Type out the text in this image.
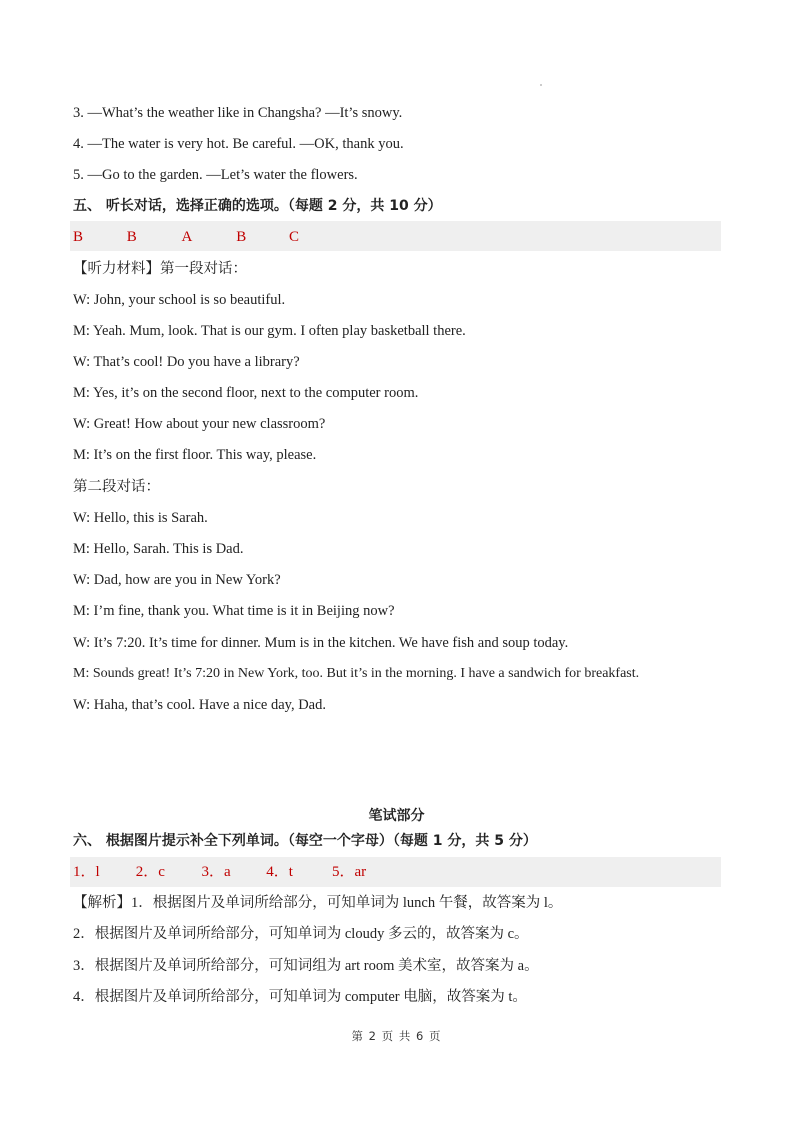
3. —What’s the weather like in Changsha? —It’s snowy.
4. —The water is very hot. Be careful. —OK, thank you.
5. —Go to the garden. —Let’s water the flowers.
五、 听长对话，选择正确的选项。（每题 2 分，共 10 分）
B	B	A	B	C
【听力材料】第一段对话：
W: John, your school is so beautiful.
M: Yeah. Mum, look. That is our gym. I often play basketball there.
W: That’s cool! Do you have a library?
M: Yes, it’s on the second floor, next to the computer room.
W: Great! How about your new classroom?
M: It’s on the first floor. This way, please.
第二段对话：
W: Hello, this is Sarah.
M: Hello, Sarah. This is Dad.
W: Dad, how are you in New York?
M: I’m fine, thank you. What time is it in Beijing now?
W: It’s 7:20. It’s time for dinner. Mum is in the kitchen. We have fish and soup today.
M: Sounds great! It’s 7:20 in New York, too. But it’s in the morning. I have a sandwich for breakfast.
W: Haha, that’s cool. Have a nice day, Dad.
笔试部分
六、 根据图片提示补全下列单词。（每空一个字母）（每题 1 分，共 5 分）
1．l 2．c 3．a 4．t	5．ar
【解析】1．根据图片及单词所给部分，可知单词为 lunch 午餐，故答案为 l。
2．根据图片及单词所给部分，可知单词为 cloudy 多云的，故答案为 c。
3．根据图片及单词所给部分，可知词组为 art room 美术室，故答案为 a。
4．根据图片及单词所给部分，可知单词为 computer 电脑，故答案为 t。
第 2 页 共 6 页
